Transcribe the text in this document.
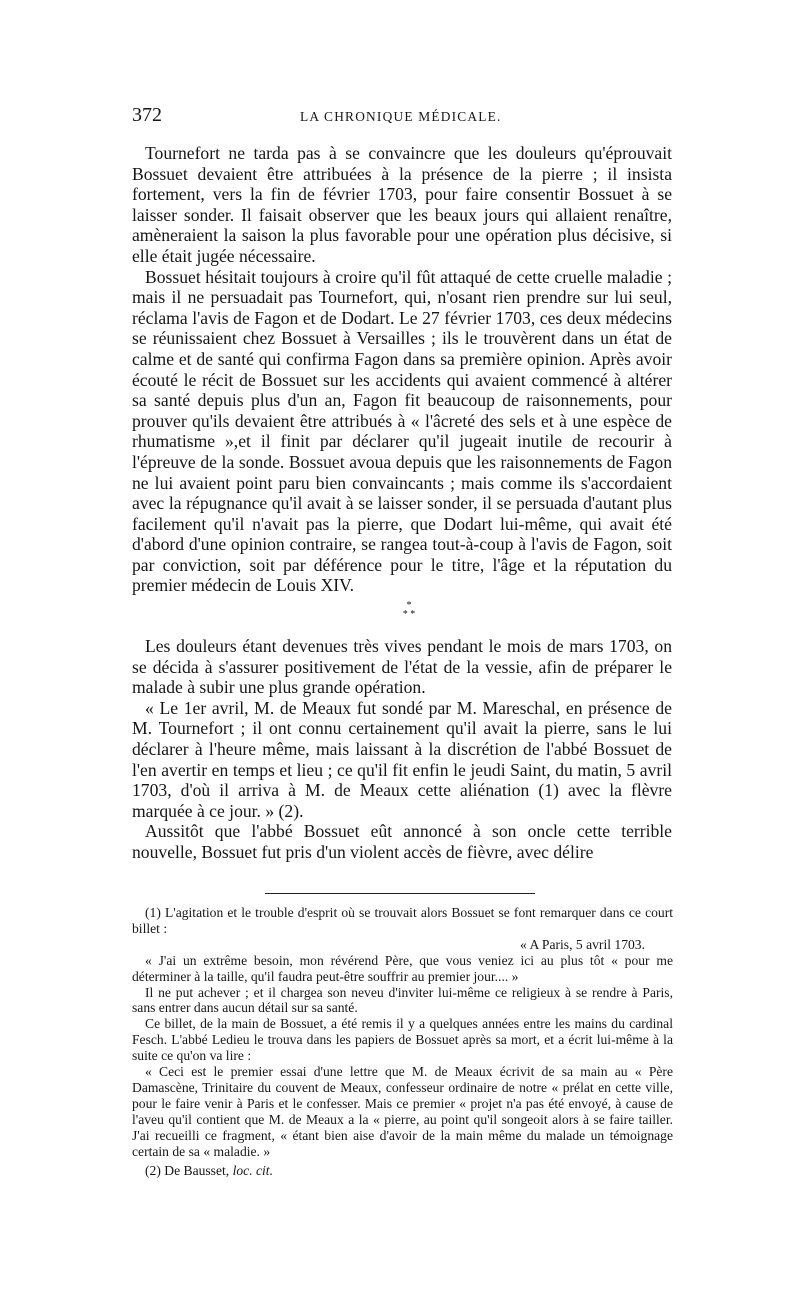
372	LA CHRONIQUE MÉDICALE.

Tournefort ne tarda pas à se convaincre que les douleurs qu'éprouvait Bossuet devaient être attribuées à la présence de la pierre ; il insista fortement, vers la fin de février 1703, pour faire consentir Bossuet à se laisser sonder. Il faisait observer que les beaux jours qui allaient renaître, amèneraient la saison la plus favorable pour une opération plus décisive, si elle était jugée nécessaire.

Bossuet hésitait toujours à croire qu'il fût attaqué de cette cruelle maladie ; mais il ne persuadait pas Tournefort, qui, n'osant rien prendre sur lui seul, réclama l'avis de Fagon et de Dodart. Le 27 février 1703, ces deux médecins se réunissaient chez Bossuet à Versailles ; ils le trouvèrent dans un état de calme et de santé qui confirma Fagon dans sa première opinion. Après avoir écouté le récit de Bossuet sur les accidents qui avaient commencé à altérer sa santé depuis plus d'un an, Fagon fit beaucoup de raisonnements, pour prouver qu'ils devaient être attribués à « l'âcreté des sels et à une espèce de rhumatisme »,et il finit par déclarer qu'il jugeait inutile de recourir à l'épreuve de la sonde. Bossuet avoua depuis que les raisonnements de Fagon ne lui avaient point paru bien convaincants ; mais comme ils s'accordaient avec la répugnance qu'il avait à se laisser sonder, il se persuada d'autant plus facilement qu'il n'avait pas la pierre, que Dodart lui-même, qui avait été d'abord d'une opinion contraire, se rangea tout-à-coup à l'avis de Fagon, soit par conviction, soit par déférence pour le titre, l'âge et la réputation du premier médecin de Louis XIV.

*
* *

Les douleurs étant devenues très vives pendant le mois de mars 1703, on se décida à s'assurer positivement de l'état de la vessie, afin de préparer le malade à subir une plus grande opération.

« Le 1er avril, M. de Meaux fut sondé par M. Mareschal, en présence de M. Tournefort ; il ont connu certainement qu'il avait la pierre, sans le lui déclarer à l'heure même, mais laissant à la discrétion de l'abbé Bossuet de l'en avertir en temps et lieu ; ce qu'il fit enfin le jeudi Saint, du matin, 5 avril 1703, d'où il arriva à M. de Meaux cette aliénation (1) avec la flèvre marquée à ce jour. » (2).

Aussitôt que l'abbé Bossuet eût annoncé à son oncle cette terrible nouvelle, Bossuet fut pris d'un violent accès de fièvre, avec délire

(1) L'agitation et le trouble d'esprit où se trouvait alors Bossuet se font remarquer dans ce court billet :

« A Paris, 5 avril 1703.

« J'ai un extrême besoin, mon révérend Père, que vous veniez ici au plus tôt « pour me déterminer à la taille, qu'il faudra peut-être souffrir au premier jour.... »

Il ne put achever ; et il chargea son neveu d'inviter lui-même ce religieux à se rendre à Paris, sans entrer dans aucun détail sur sa santé.

Ce billet, de la main de Bossuet, a été remis il y a quelques années entre les mains du cardinal Fesch. L'abbé Ledieu le trouva dans les papiers de Bossuet après sa mort, et a écrit lui-même à la suite ce qu'on va lire :

« Ceci est le premier essai d'une lettre que M. de Meaux écrivit de sa main au « Père Damascène, Trinitaire du couvent de Meaux, confesseur ordinaire de notre « prélat en cette ville, pour le faire venir à Paris et le confesser. Mais ce premier « projet n'a pas été envoyé, à cause de l'aveu qu'il contient que M. de Meaux a la « pierre, au point qu'il songeoit alors à se faire tailler. J'ai recueilli ce fragment, « étant bien aise d'avoir de la main même du malade un témoignage certain de sa « maladie. »

(2) De Bausset, loc. cit.
